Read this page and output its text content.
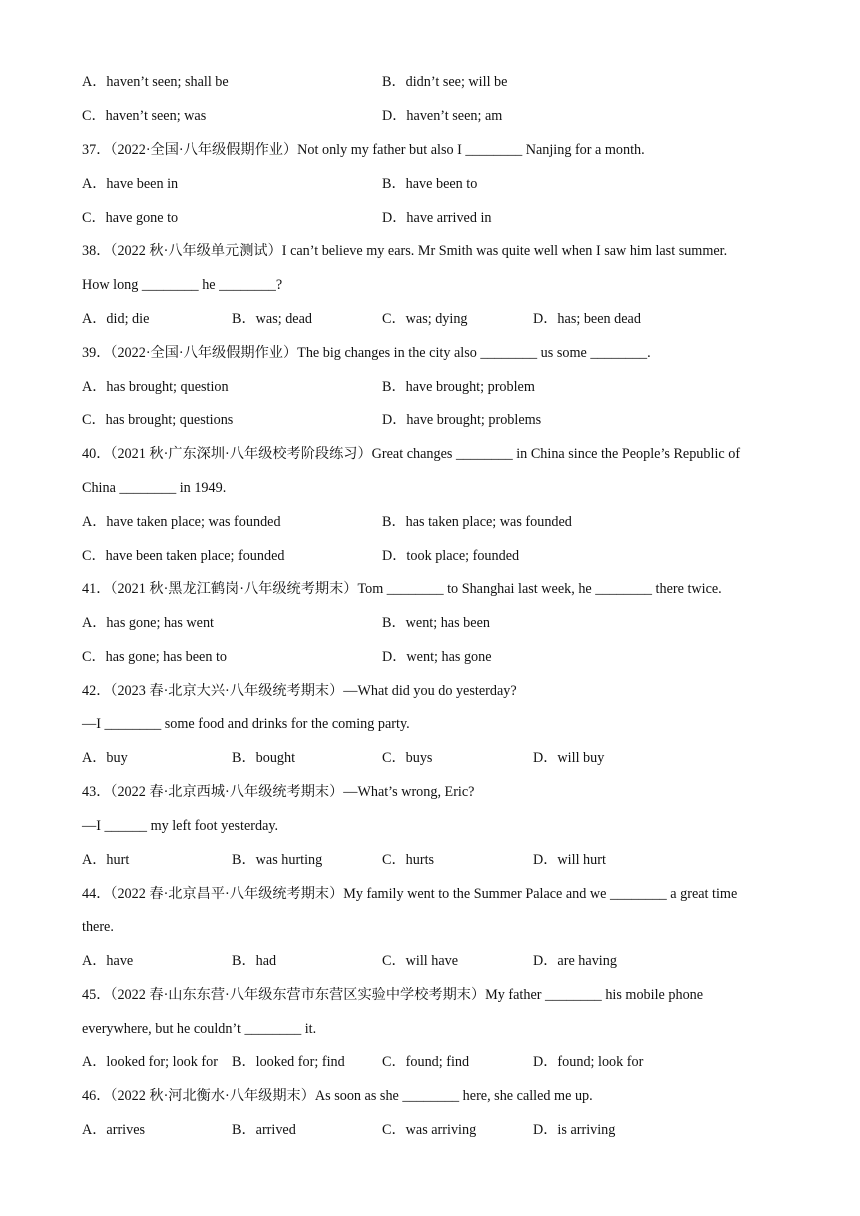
A．haven’t seen; shall be	B．didn’t see; will be
C．haven’t seen; was	D．haven’t seen; am
37．（2022·全国·八年级假期作业）Not only my father but also I ________ Nanjing for a month.
A．have been in	B．have been to
C．have gone to	D．have arrived in
38．（2022 秋·八年级单元测试）I can’t believe my ears. Mr Smith was quite well when I saw him last summer.
How long ________ he ________?
A．did; die	B．was; dead	C．was; dying	D．has; been dead
39．（2022·全国·八年级假期作业）The big changes in the city also ________ us some ________.
A．has brought; question	B．have brought; problem
C．has brought; questions	D．have brought; problems
40．（2021 秋·广东深圳·八年级校考阶段练习）Great changes ________ in China since the People’s Republic of
China ________ in 1949.
A．have taken place; was founded	B．has taken place; was founded
C．have been taken place; founded	D．took place; founded
41．（2021 秋·黑龙江鹤岗·八年级统考期末）Tom ________ to Shanghai last week, he ________ there twice.
A．has gone; has went	B．went; has been
C．has gone; has been to	D．went; has gone
42．（2023 春·北京大兴·八年级统考期末）—What did you do yesterday?
—I ________ some food and drinks for the coming party.
A．buy	B．bought	C．buys	D．will buy
43．（2022 春·北京西城·八年级统考期末）—What’s wrong, Eric?
—I ______ my left foot yesterday.
A．hurt	B．was hurting	C．hurts	D．will hurt
44．（2022 春·北京昌平·八年级统考期末）My family went to the Summer Palace and we ________ a great time
there.
A．have	B．had	C．will have	D．are having
45．（2022 春·山东东营·八年级东营市东营区实验中学校考期末）My father ________ his mobile phone
everywhere, but he couldn’t ________ it.
A．looked for; look for B．looked for; find	C．found; find	D．found; look for
46．（2022 秋·河北衡水·八年级期末）As soon as she ________ here, she called me up.
A．arrives	B．arrived	C．was arriving	D．is arriving
